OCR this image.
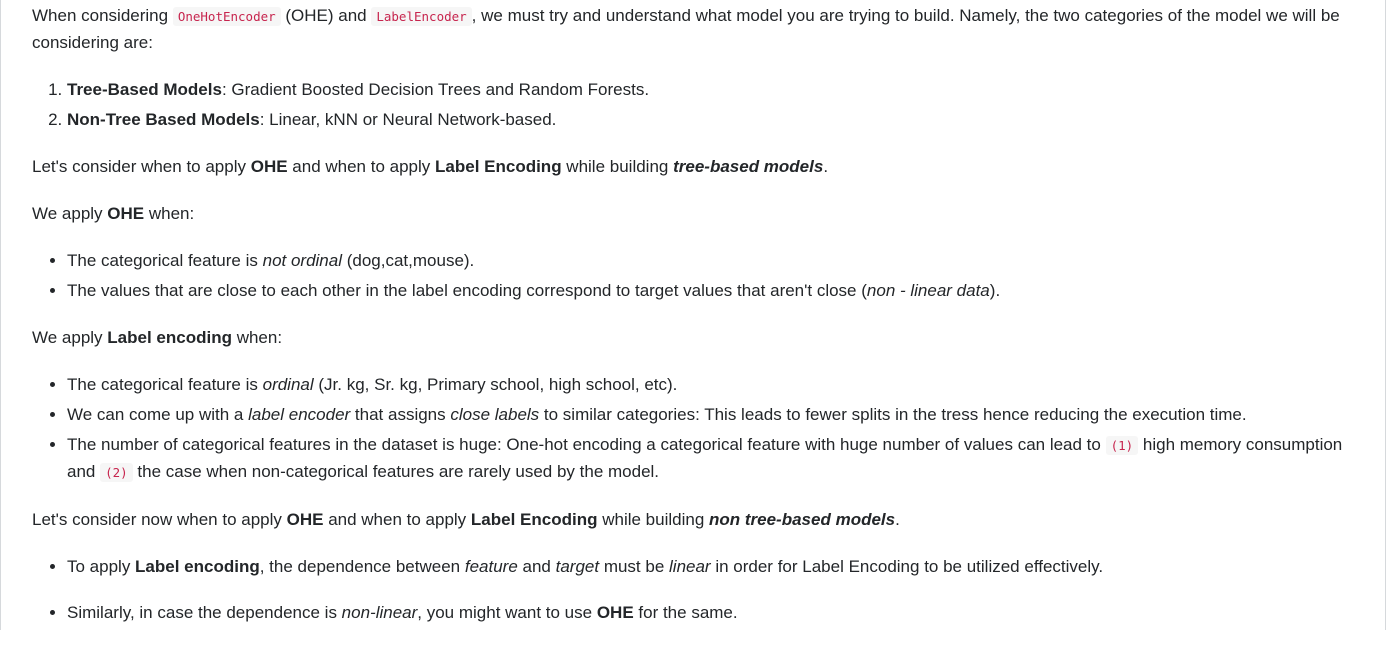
When considering OneHotEncoder (OHE) and LabelEncoder , we must try and understand what model you are trying to build. Namely, the two categories of the model we will be considering are:

1. Tree-Based Models: Gradient Boosted Decision Trees and Random Forests.
2. Non-Tree Based Models: Linear, kNN or Neural Network-based.

Let's consider when to apply OHE and when to apply Label Encoding while building tree-based models.

We apply OHE when:

• The categorical feature is not ordinal (dog,cat,mouse).
• The values that are close to each other in the label encoding correspond to target values that aren't close (non - linear data).

We apply Label encoding when:

• The categorical feature is ordinal (Jr. kg, Sr. kg, Primary school, high school, etc).
• We can come up with a label encoder that assigns close labels to similar categories: This leads to fewer splits in the tress hence reducing the execution time.
• The number of categorical features in the dataset is huge: One-hot encoding a categorical feature with huge number of values can lead to (1) high memory consumption and (2) the case when non-categorical features are rarely used by the model.

Let's consider now when to apply OHE and when to apply Label Encoding while building non tree-based models.

• To apply Label encoding, the dependence between feature and target must be linear in order for Label Encoding to be utilized effectively.
• Similarly, in case the dependence is non-linear, you might want to use OHE for the same.
